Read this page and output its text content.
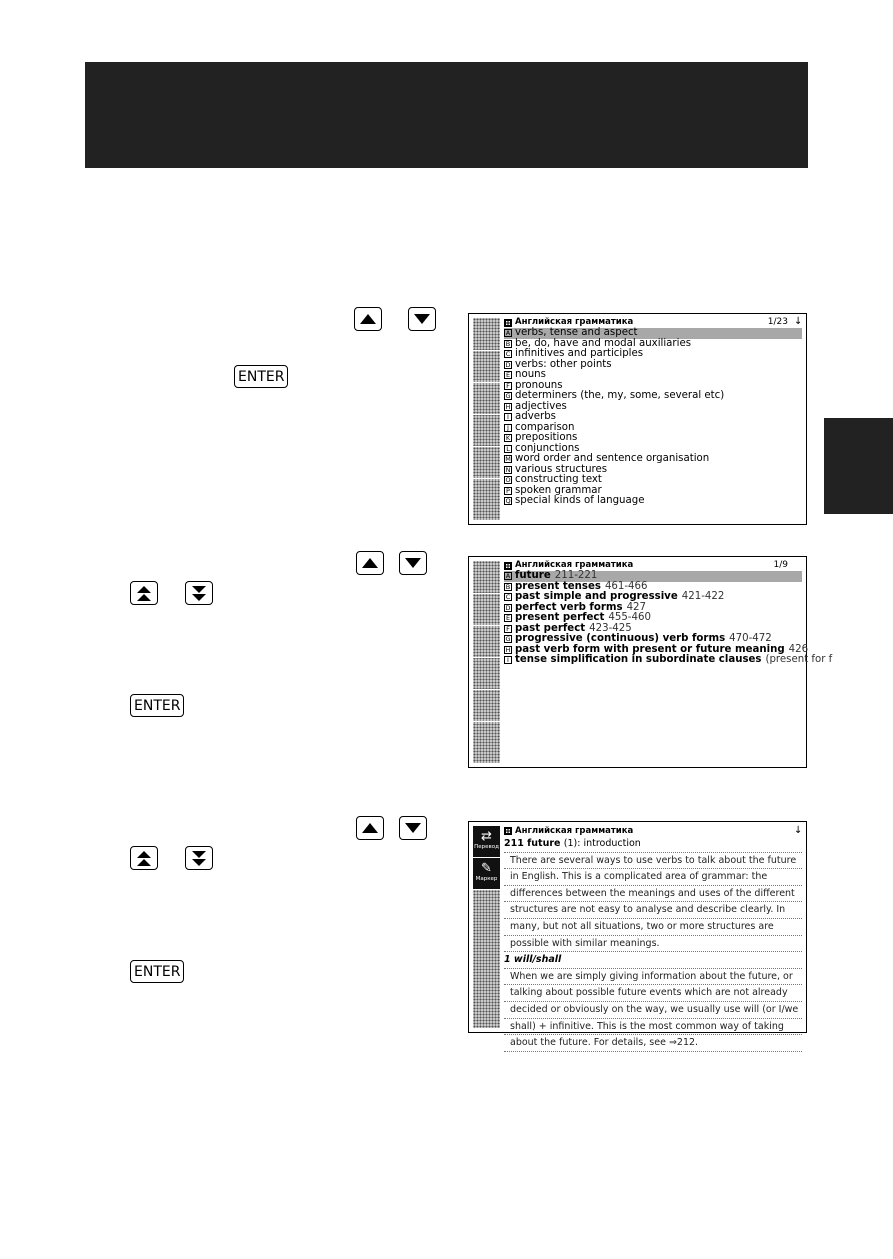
ENTER
ENTER
ENTER
Английская грамматика	1/23 ↓
A verbs, tense and aspect
B be, do, have and modal auxiliaries
C infinitives and participles
D verbs: other points
E nouns
F pronouns
G determiners (the, my, some, several etc)
H adjectives
I adverbs
J comparison
K prepositions
L conjunctions
M word order and sentence organisation
N various structures
O constructing text
P spoken grammar
Q special kinds of language
Английская грамматика	1/9
A future 211-221
B present tenses 461-466
C past simple and progressive 421-422
D perfect verb forms 427
E present perfect 455-460
F past perfect 423-425
G progressive (continuous) verb forms 470-472
H past verb form with present or future meaning 426
I tense simplification in subordinate clauses (present for f
⇄
Перевод
✎
Маркер
Английская грамматика	↓
211 future (1): introduction
There are several ways to use verbs to talk about the future
in English. This is a complicated area of grammar: the
differences between the meanings and uses of the different
structures are not easy to analyse and describe clearly. In
many, but not all situations, two or more structures are
possible with similar meanings.
1 will/shall
When we are simply giving information about the future, or
talking about possible future events which are not already
decided or obviously on the way, we usually use will (or I/we
shall) + infinitive. This is the most common way of taking
about the future. For details, see ⇒212.
